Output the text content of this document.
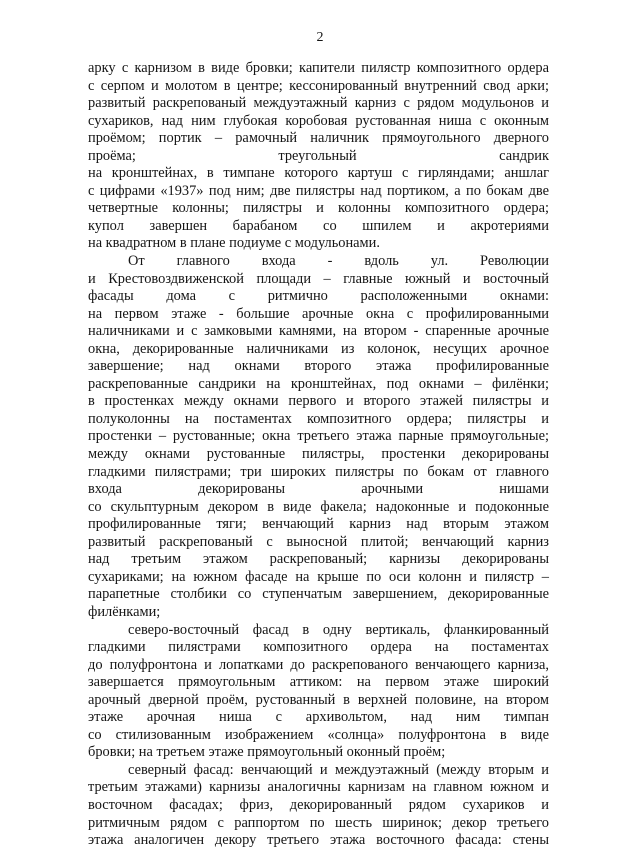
2
арку с карнизом в виде бровки; капители пилястр композитного ордера
с серпом и молотом в центре; кессонированный внутренний свод арки;
развитый раскрепованый междуэтажный карниз с рядом модульонов и
сухариков, над ним глубокая коробовая рустованная ниша с оконным
проёмом; портик – рамочный наличник прямоугольного дверного
проёма; треугольный сандрик
на кронштейнах, в тимпане которого картуш с гирляндами; аншлаг
с цифрами «1937» под ним; две пилястры над портиком, а по бокам две
четвертные колонны; пилястры и колонны композитного ордера;
купол завершен барабаном со шпилем и акротериями
на квадратном в плане подиуме с модульонами.
От главного входа - вдоль ул. Революции
и Крестовоздвиженской площади – главные южный и восточный
фасады дома с ритмично расположенными окнами:
на первом этаже - большие арочные окна с профилированными
наличниками и с замковыми камнями, на втором - спаренные арочные
окна, декорированные наличниками из колонок, несущих арочное
завершение; над окнами второго этажа профилированные
раскрепованные сандрики на кронштейнах, под окнами – филёнки;
в простенках между окнами первого и второго этажей пилястры и
полуколонны на постаментах композитного ордера; пилястры и
простенки – рустованные; окна третьего этажа парные прямоугольные;
между окнами рустованные пилястры, простенки декорированы
гладкими пилястрами; три широких пилястры по бокам от главного
входа декорированы арочными нишами
со скульптурным декором в виде факела; надоконные и подоконные
профилированные тяги; венчающий карниз над вторым этажом
развитый раскрепованый с выносной плитой; венчающий карниз
над третьим этажом раскрепованый; карнизы декорированы
сухариками; на южном фасаде на крыше по оси колонн и пилястр –
парапетные столбики со ступенчатым завершением, декорированные
филёнками;
северо-восточный фасад в одну вертикаль, фланкированный
гладкими пилястрами композитного ордера на постаментах
до полуфронтона и лопатками до раскрепованого венчающего карниза,
завершается прямоугольным аттиком: на первом этаже широкий
арочный дверной проём, рустованный в верхней половине, на втором
этаже арочная ниша с архивольтом, над ним тимпан
со стилизованным изображением «солнца» полуфронтона в виде
бровки; на третьем этаже прямоугольный оконный проём;
северный фасад: венчающий и междуэтажный (между вторым и
третьим этажами) карнизы аналогичны карнизам на главном южном и
восточном фасадах; фриз, декорированный рядом сухариков и
ритмичным рядом с раппортом по шесть ширинок; декор третьего
этажа аналогичен декору третьего этажа восточного фасада: стены
